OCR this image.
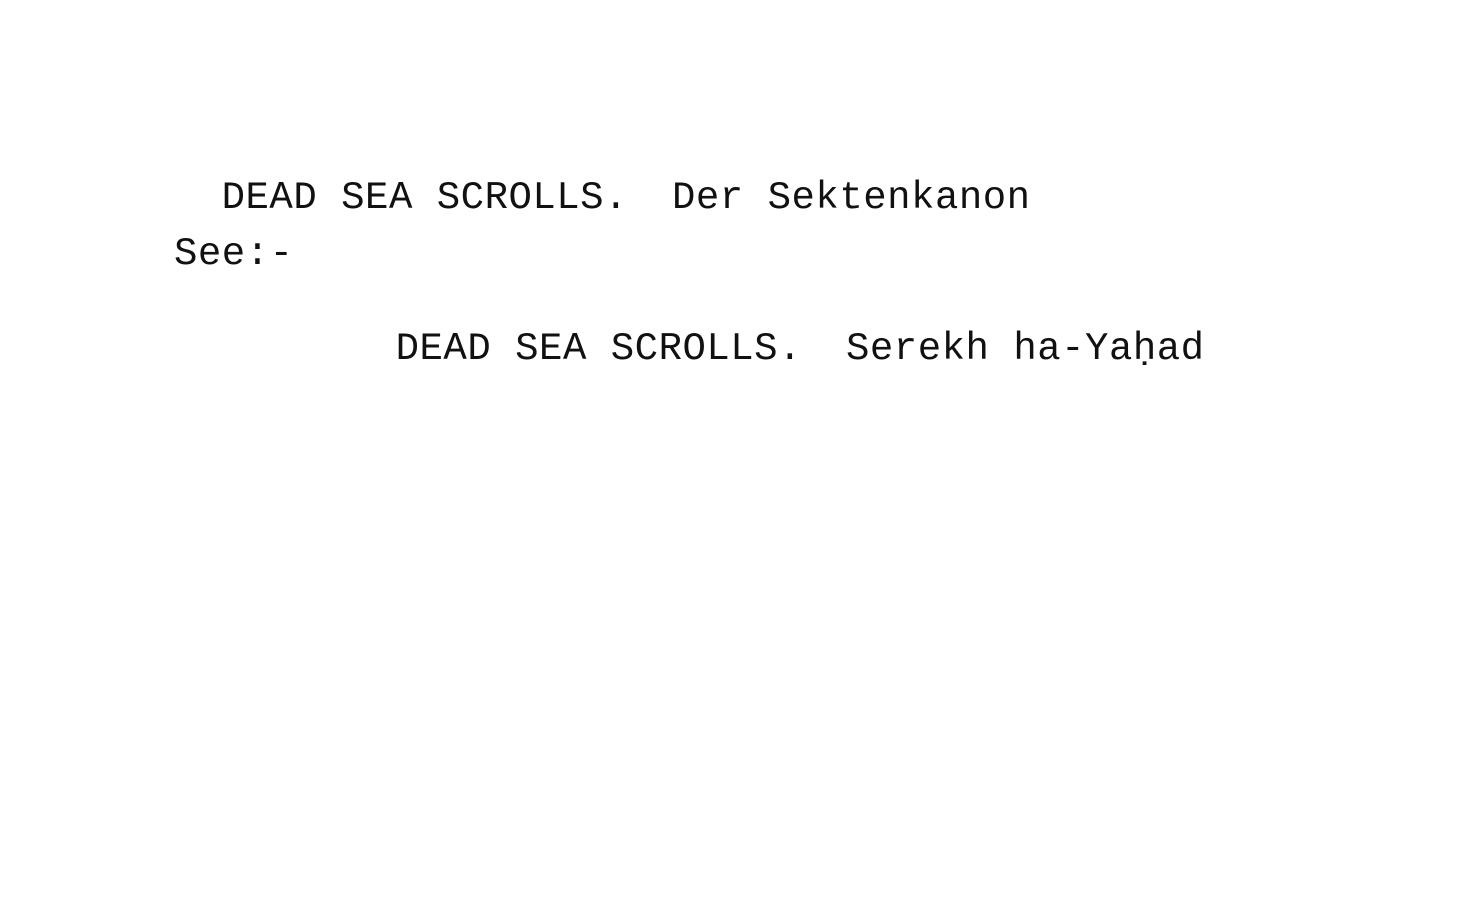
DEAD SEA SCROLLS. Der Sektenkanon

See:-

DEAD SEA SCROLLS. Serekh ha-Yaḥad
